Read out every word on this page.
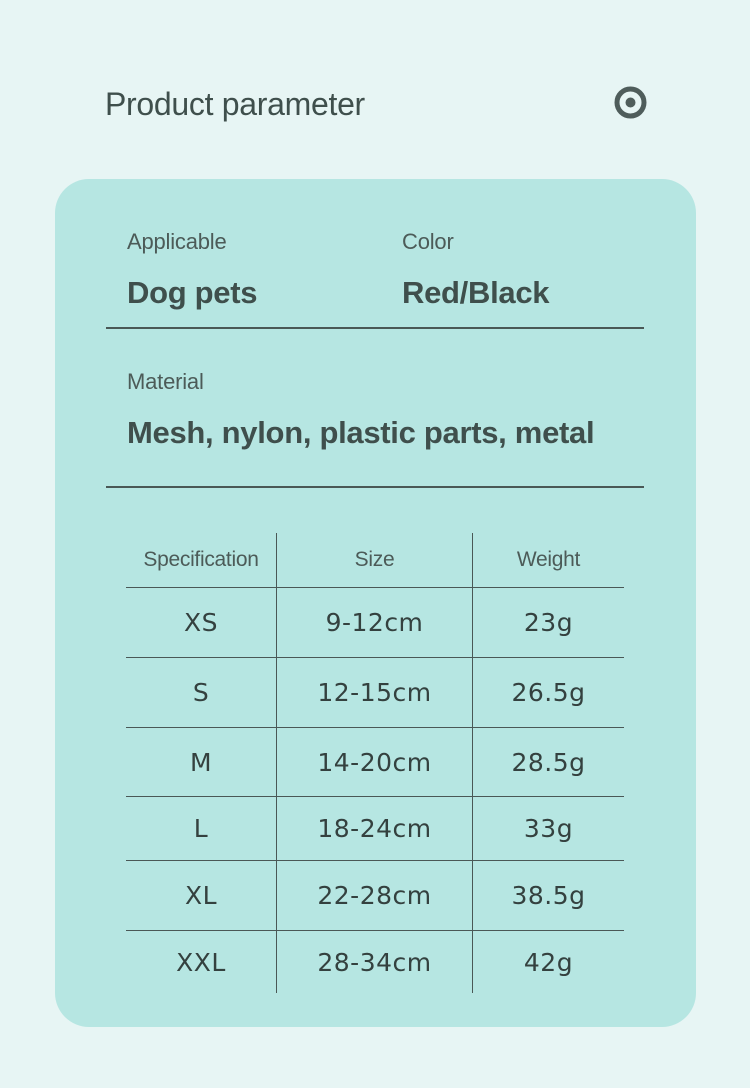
Product parameter
Applicable
Dog pets
Color
Red/Black
Material
Mesh, nylon, plastic parts, metal
Specification	Size	Weight
XS	9-12cm	23g
S	12-15cm	26.5g
M	14-20cm	28.5g
L	18-24cm	33g
XL	22-28cm	38.5g
XXL	28-34cm	42g
